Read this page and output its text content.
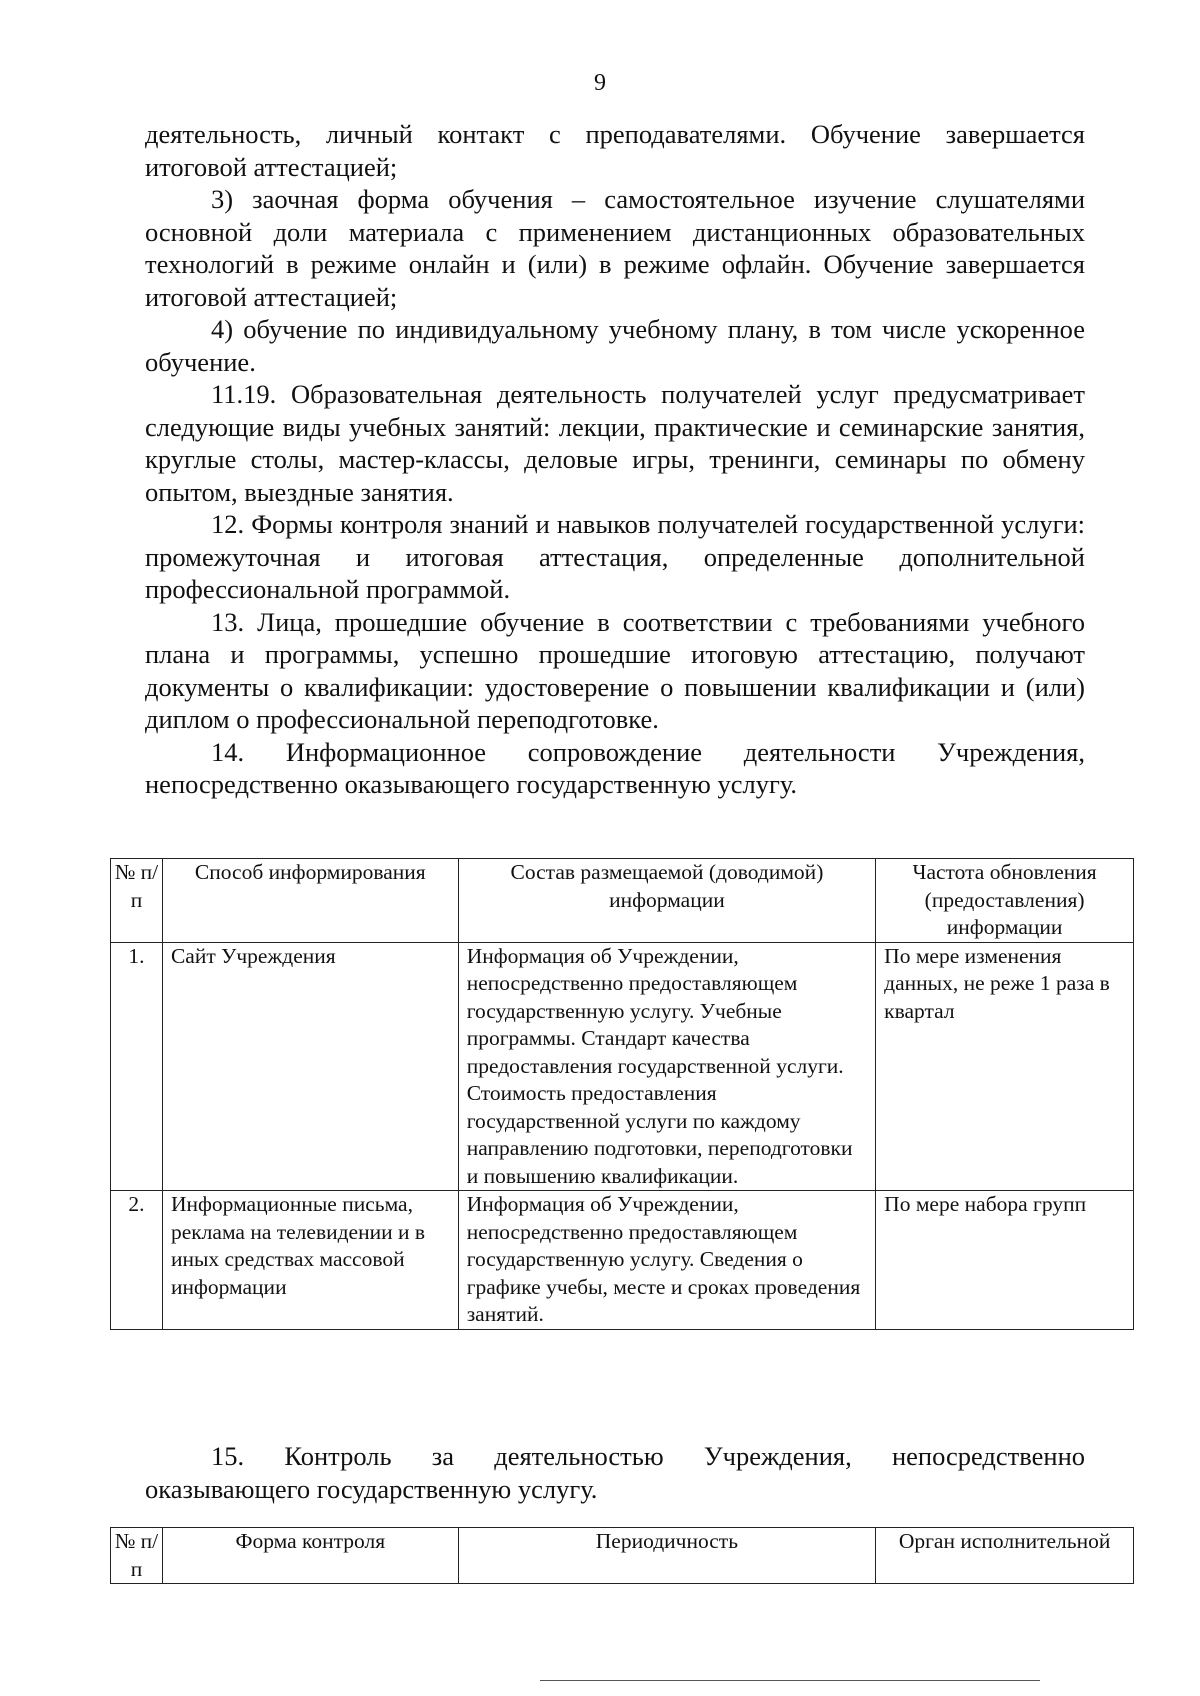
9

деятельность, личный контакт с преподавателями. Обучение завершается итоговой аттестацией;

3) заочная форма обучения – самостоятельное изучение слушателями основной доли материала с применением дистанционных образовательных технологий в режиме онлайн и (или) в режиме офлайн. Обучение завершается итоговой аттестацией;

4) обучение по индивидуальному учебному плану, в том числе ускоренное обучение.

11.19. Образовательная деятельность получателей услуг предусматривает следующие виды учебных занятий: лекции, практические и семинарские занятия, круглые столы, мастер-классы, деловые игры, тренинги, семинары по обмену опытом, выездные занятия.

12. Формы контроля знаний и навыков получателей государственной услуги: промежуточная и итоговая аттестация, определенные дополнительной профессиональной программой.

13. Лица, прошедшие обучение в соответствии с требованиями учебного плана и программы, успешно прошедшие итоговую аттестацию, получают документы о квалификации: удостоверение о повышении квалификации и (или) диплом о профессиональной переподготовке.

14. Информационное сопровождение деятельности Учреждения, непосредственно оказывающего государственную услугу.

№ п/п	Способ информирования	Состав размещаемой (доводимой) информации	Частота обновления (предоставления) информации
1.	Сайт Учреждения	Информация об Учреждении, непосредственно предоставляющем государственную услугу. Учебные программы. Стандарт качества предоставления государственной услуги. Стоимость предоставления государственной услуги по каждому направлению подготовки, переподготовки и повышению квалификации.	По мере изменения данных, не реже 1 раза в квартал
2.	Информационные письма, реклама на телевидении и в иных средствах массовой информации	Информация об Учреждении, непосредственно предоставляющем государственную услугу. Сведения о графике учебы, месте и сроках проведения занятий.	По мере набора групп

15. Контроль за деятельностью Учреждения, непосредственно оказывающего государственную услугу.

№ п/п	Форма контроля	Периодичность	Орган исполнительной
